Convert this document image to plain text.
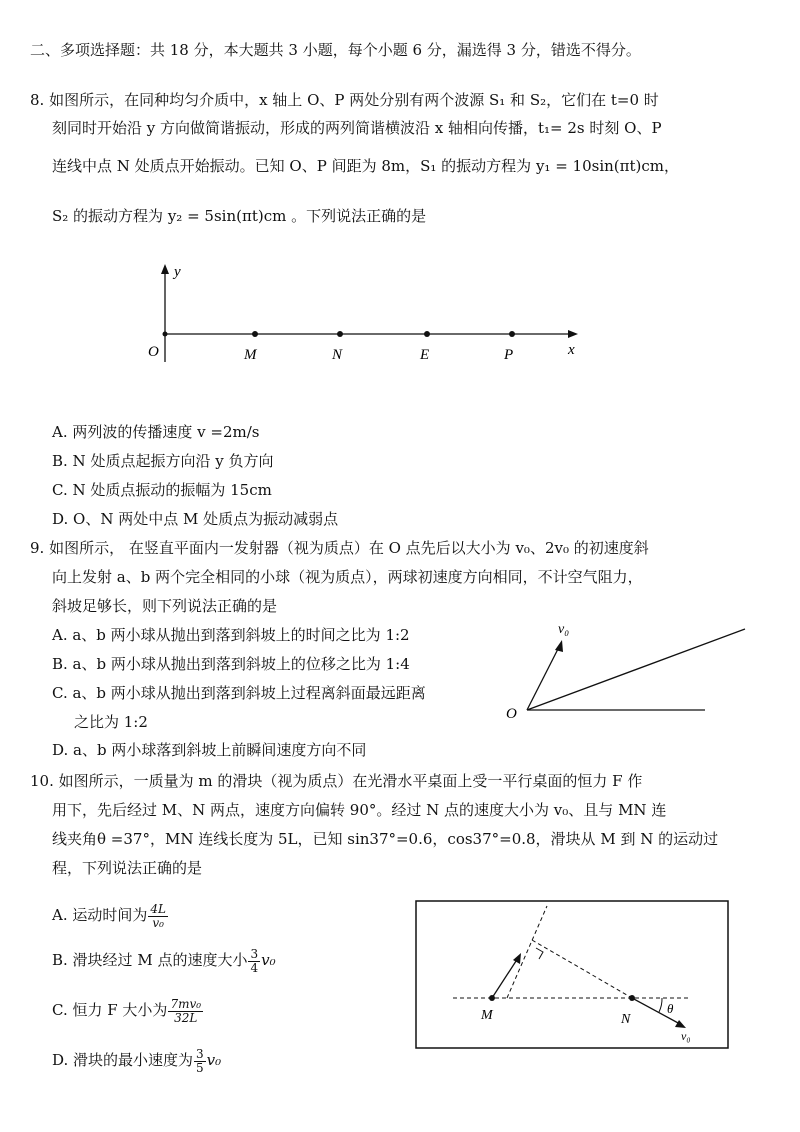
二、多项选择题：共 18 分，本大题共 3 小题，每个小题 6 分，漏选得 3 分，错选不得分。
8. 如图所示，在同种均匀介质中，x 轴上 O、P 两处分别有两个波源 S₁ 和 S₂，它们在 t=0 时
刻同时开始沿 y 方向做简谐振动，形成的两列简谐横波沿 x 轴相向传播，t₁= 2s 时刻 O、P
连线中点 N 处质点开始振动。已知 O、P 间距为 8m，S₁ 的振动方程为 y₁ = 10sin(πt)cm，
S₂ 的振动方程为 y₂ = 5sin(πt)cm 。下列说法正确的是
y
x
O	M	N	E	P
A. 两列波的传播速度 v =2m/s
B. N 处质点起振方向沿 y 负方向
C. N 处质点振动的振幅为 15cm
D. O、N 两处中点 M 处质点为振动减弱点
9. 如图所示， 在竖直平面内一发射器（视为质点）在 O 点先后以大小为 v₀、2v₀ 的初速度斜
向上发射 a、b 两个完全相同的小球（视为质点），两球初速度方向相同，不计空气阻力，
斜坡足够长，则下列说法正确的是
A. a、b 两小球从抛出到落到斜坡上的时间之比为 1:2
B. a、b 两小球从抛出到落到斜坡上的位移之比为 1:4
C. a、b 两小球从抛出到落到斜坡上过程离斜面最远距离
之比为 1:2
D. a、b 两小球落到斜坡上前瞬间速度方向不同
v₀
O
10. 如图所示，一质量为 m 的滑块（视为质点）在光滑水平桌面上受一平行桌面的恒力 F 作
用下，先后经过 M、N 两点，速度方向偏转 90°。经过 N 点的速度大小为 v₀、且与 MN 连
线夹角θ =37°，MN 连线长度为 5L，已知 sin37°=0.6，cos37°=0.8，滑块从 M 到 N 的运动过
程，下列说法正确的是
A. 运动时间为 $\frac{4L}{\text{v₀}}$
B. 滑块经过 M 点的速度大小 $\frac{3}{4} v_0$
C. 恒力 F 大小为 $\frac{\text{7mv₀}}{32L}$
D. 滑块的最小速度为 $\frac{3}{5} v_0$
M	N
θ
v₀
